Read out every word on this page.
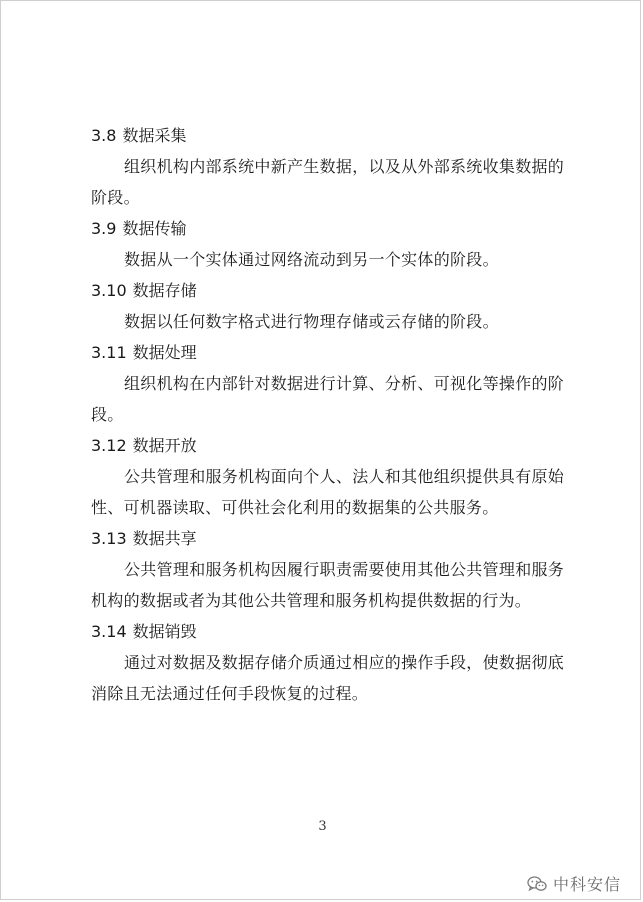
3.8 数据采集

组织机构内部系统中新产生数据，以及从外部系统收集数据的阶段。

3.9 数据传输

数据从一个实体通过网络流动到另一个实体的阶段。

3.10 数据存储

数据以任何数字格式进行物理存储或云存储的阶段。

3.11 数据处理

组织机构在内部针对数据进行计算、分析、可视化等操作的阶段。

3.12 数据开放

公共管理和服务机构面向个人、法人和其他组织提供具有原始性、可机器读取、可供社会化利用的数据集的公共服务。

3.13 数据共享

公共管理和服务机构因履行职责需要使用其他公共管理和服务机构的数据或者为其他公共管理和服务机构提供数据的行为。

3.14 数据销毁

通过对数据及数据存储介质通过相应的操作手段，使数据彻底消除且无法通过任何手段恢复的过程。

3
中科安信
